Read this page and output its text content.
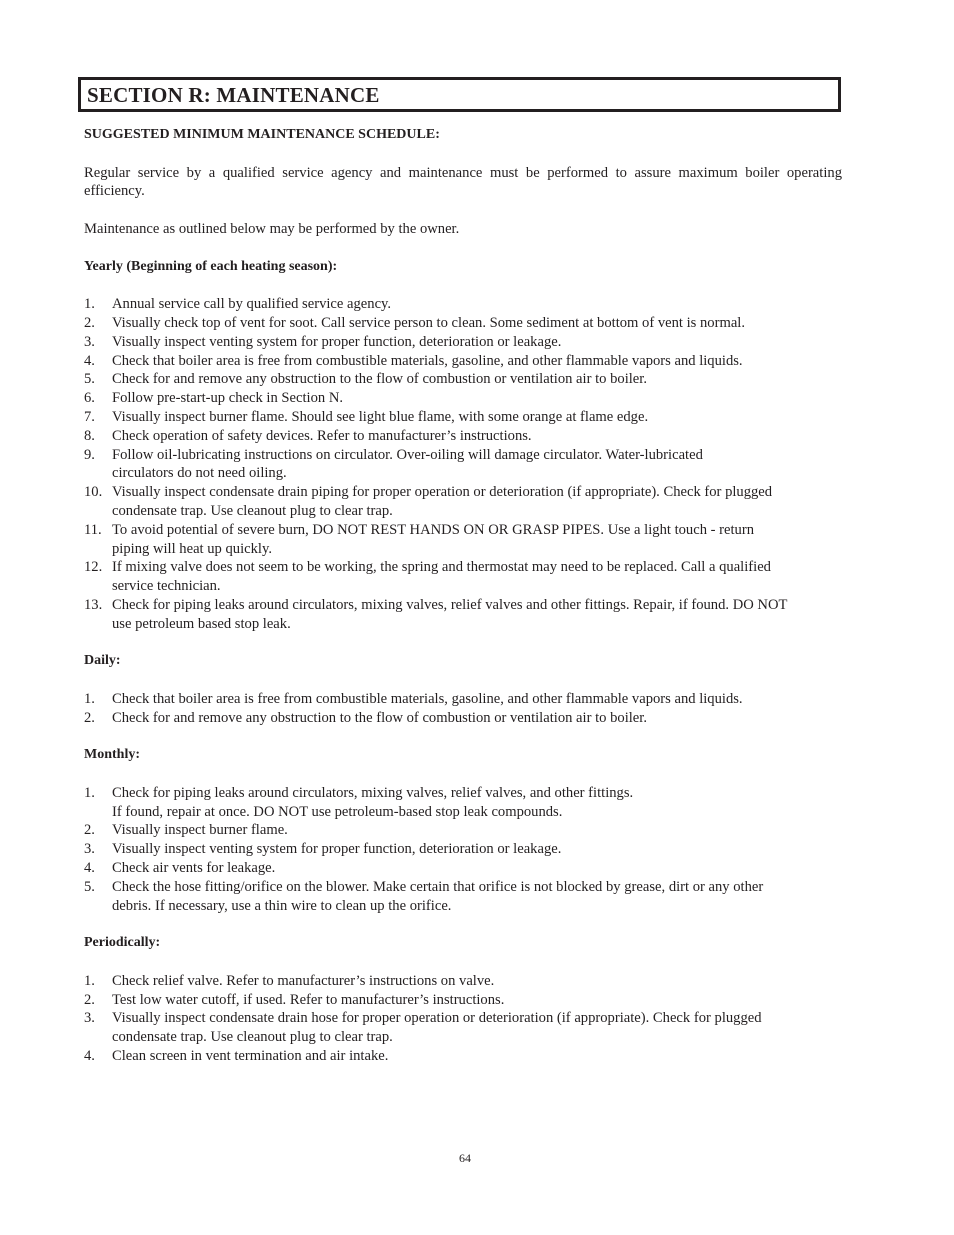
SECTION R: MAINTENANCE

SUGGESTED MINIMUM MAINTENANCE SCHEDULE:

Regular service by a qualified service agency and maintenance must be performed to assure maximum boiler operating efficiency.

Maintenance as outlined below may be performed by the owner.

Yearly (Beginning of each heating season):

1. Annual service call by qualified service agency.
2. Visually check top of vent for soot. Call service person to clean. Some sediment at bottom of vent is normal.
3. Visually inspect venting system for proper function, deterioration or leakage.
4. Check that boiler area is free from combustible materials, gasoline, and other flammable vapors and liquids.
5. Check for and remove any obstruction to the flow of combustion or ventilation air to boiler.
6. Follow pre-start-up check in Section N.
7. Visually inspect burner flame. Should see light blue flame, with some orange at flame edge.
8. Check operation of safety devices. Refer to manufacturer’s instructions.
9. Follow oil-lubricating instructions on circulator. Over-oiling will damage circulator. Water-lubricated
circulators do not need oiling.
10. Visually inspect condensate drain piping for proper operation or deterioration (if appropriate). Check for plugged
condensate trap. Use cleanout plug to clear trap.
11. To avoid potential of severe burn, DO NOT REST HANDS ON OR GRASP PIPES. Use a light touch - return
piping will heat up quickly.
12. If mixing valve does not seem to be working, the spring and thermostat may need to be replaced. Call a qualified
service technician.
13. Check for piping leaks around circulators, mixing valves, relief valves and other fittings. Repair, if found. DO NOT
use petroleum based stop leak.

Daily:

1. Check that boiler area is free from combustible materials, gasoline, and other flammable vapors and liquids.
2. Check for and remove any obstruction to the flow of combustion or ventilation air to boiler.

Monthly:

1. Check for piping leaks around circulators, mixing valves, relief valves, and other fittings.
If found, repair at once. DO NOT use petroleum-based stop leak compounds.
2. Visually inspect burner flame.
3. Visually inspect venting system for proper function, deterioration or leakage.
4. Check air vents for leakage.
5. Check the hose fitting/orifice on the blower. Make certain that orifice is not blocked by grease, dirt or any other
debris. If necessary, use a thin wire to clean up the orifice.

Periodically:

1. Check relief valve. Refer to manufacturer’s instructions on valve.
2. Test low water cutoff, if used. Refer to manufacturer’s instructions.
3. Visually inspect condensate drain hose for proper operation or deterioration (if appropriate). Check for plugged
condensate trap. Use cleanout plug to clear trap.
4. Clean screen in vent termination and air intake.
64
